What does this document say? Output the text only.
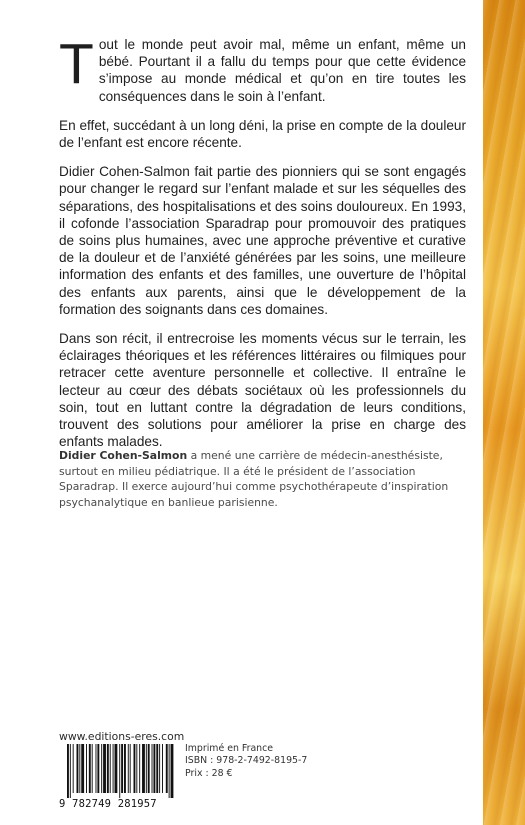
Tout le monde peut avoir mal, même un enfant, même un bébé. Pourtant il a fallu du temps pour que cette évidence s’impose au monde médical et qu’on en tire toutes les conséquences dans le soin à l’enfant.

En effet, succédant à un long déni, la prise en compte de la douleur de l’enfant est encore récente.

Didier Cohen-Salmon fait partie des pionniers qui se sont engagés pour changer le regard sur l’enfant malade et sur les séquelles des séparations, des hospitalisations et des soins douloureux. En 1993, il cofonde l’association Sparadrap pour promouvoir des pratiques de soins plus humaines, avec une approche préventive et curative de la douleur et de l’anxiété générées par les soins, une meilleure information des enfants et des familles, une ouverture de l’hôpital des enfants aux parents, ainsi que le développement de la formation des soignants dans ces domaines.

Dans son récit, il entrecroise les moments vécus sur le terrain, les éclairages théoriques et les références littéraires ou filmiques pour retracer cette aventure personnelle et collective. Il entraîne le lecteur au cœur des débats sociétaux où les professionnels du soin, tout en luttant contre la dégradation de leurs conditions, trouvent des solutions pour améliorer la prise en charge des enfants malades.

Didier Cohen-Salmon a mené une carrière de médecin-anesthésiste, surtout en milieu pédiatrique. Il a été le président de l’association Sparadrap. Il exerce aujourd’hui comme psychothérapeute d’inspiration psychanalytique en banlieue parisienne.
www.editions-eres.com
9 782749 281957
Imprimé en France
ISBN : 978-2-7492-8195-7
Prix : 28 €
